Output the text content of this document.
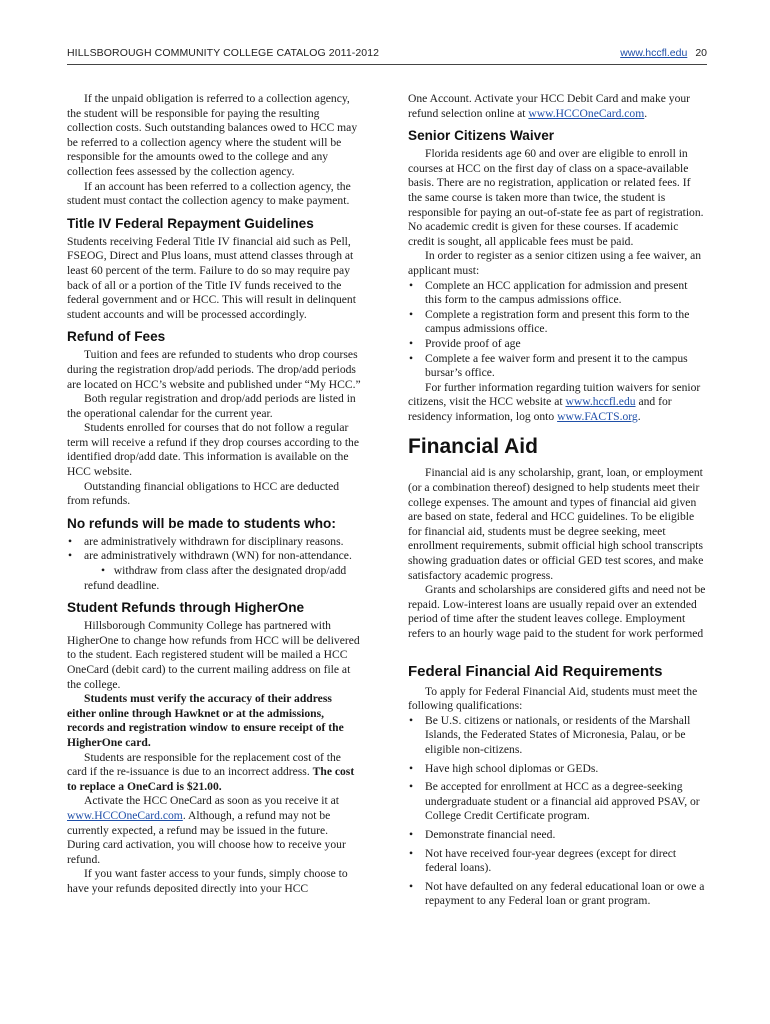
HILLSBOROUGH COMMUNITY COLLEGE CATALOG 2011-2012	www.hccfl.edu 20

If the unpaid obligation is referred to a collection agency, the student will be responsible for paying the resulting collection costs. Such outstanding balances owed to HCC may be referred to a collection agency where the student will be responsible for the amounts owed to the college and any collection fees assessed by the collection agency.

If an account has been referred to a collection agency, the student must contact the collection agency to make payment.

Title IV Federal Repayment Guidelines

Students receiving Federal Title IV financial aid such as Pell, FSEOG, Direct and Plus loans, must attend classes through at least 60 percent of the term. Failure to do so may require pay back of all or a portion of the Title IV funds received to the federal government and or HCC. This will result in delinquent student accounts and will be processed accordingly.

Refund of Fees

Tuition and fees are refunded to students who drop courses during the registration drop/add periods. The drop/add periods are located on HCC’s website and published under “My HCC.”

Both regular registration and drop/add periods are listed in the operational calendar for the current year.

Students enrolled for courses that do not follow a regular term will receive a refund if they drop courses according to the identified drop/add date. This information is available on the HCC website.

Outstanding financial obligations to HCC are deducted from refunds.

No refunds will be made to students who:
• are administratively withdrawn for disciplinary reasons.
• are administratively withdrawn (WN) for non-attendance.
•   withdraw from class after the designated drop/add refund deadline.
Student Refunds through HigherOne

Hillsborough Community College has partnered with HigherOne to change how refunds from HCC will be delivered to the student. Each registered student will be mailed a HCC OneCard (debit card) to the current mailing address on file at the college.

Students must verify the accuracy of their address either online through Hawknet or at the admissions, records and registration window to ensure receipt of the HigherOne card.

Students are responsible for the replacement cost of the card if the re-issuance is due to an incorrect address. The cost to replace a OneCard is $21.00.

Activate the HCC OneCard as soon as you receive it at www.HCCOneCard.com. Although, a refund may not be currently expected, a refund may be issued in the future. During card activation, you will choose how to receive your refund.

If you want faster access to your funds, simply choose to have your refunds deposited directly into your HCC

One Account. Activate your HCC Debit Card and make your refund selection online at www.HCCOneCard.com.

Senior Citizens Waiver

Florida residents age 60 and over are eligible to enroll in courses at HCC on the first day of class on a space-available basis. There are no registration, application or related fees. If the same course is taken more than twice, the student is responsible for paying an out-of-state fee as part of registration. No academic credit is given for these courses. If academic credit is sought, all applicable fees must be paid.

In order to register as a senior citizen using a fee waiver, an applicant must:

• Complete an HCC application for admission and present this form to the campus admissions office.
• Complete a registration form and present this form to the campus admissions office.
• Provide proof of age
• Complete a fee waiver form and present it to the campus bursar’s office.

For further information regarding tuition waivers for senior citizens, visit the HCC website at www.hccfl.edu and for residency information, log onto www.FACTS.org.

Financial Aid

Financial aid is any scholarship, grant, loan, or employment (or a combination thereof) designed to help students meet their college expenses. The amount and types of financial aid given are based on state, federal and HCC guidelines. To be eligible for financial aid, students must be degree seeking, meet enrollment requirements, submit official high school transcripts showing graduation dates or official GED test scores, and make satisfactory academic progress.

Grants and scholarships are considered gifts and need not be repaid. Low-interest loans are usually repaid over an extended period of time after the student leaves college. Employment refers to an hourly wage paid to the student for work performed

Federal Financial Aid Requirements

To apply for Federal Financial Aid, students must meet the following qualifications:

• Be U.S. citizens or nationals, or residents of the Marshall Islands, the Federated States of Micronesia, Palau, or be eligible non-citizens.
• Have high school diplomas or GEDs.
• Be accepted for enrollment at HCC as a degree-seeking undergraduate student or a financial aid approved PSAV, or College Credit Certificate program.
• Demonstrate financial need.
• Not have received four-year degrees (except for direct federal loans).
• Not have defaulted on any federal educational loan or owe a repayment to any Federal loan or grant program.
